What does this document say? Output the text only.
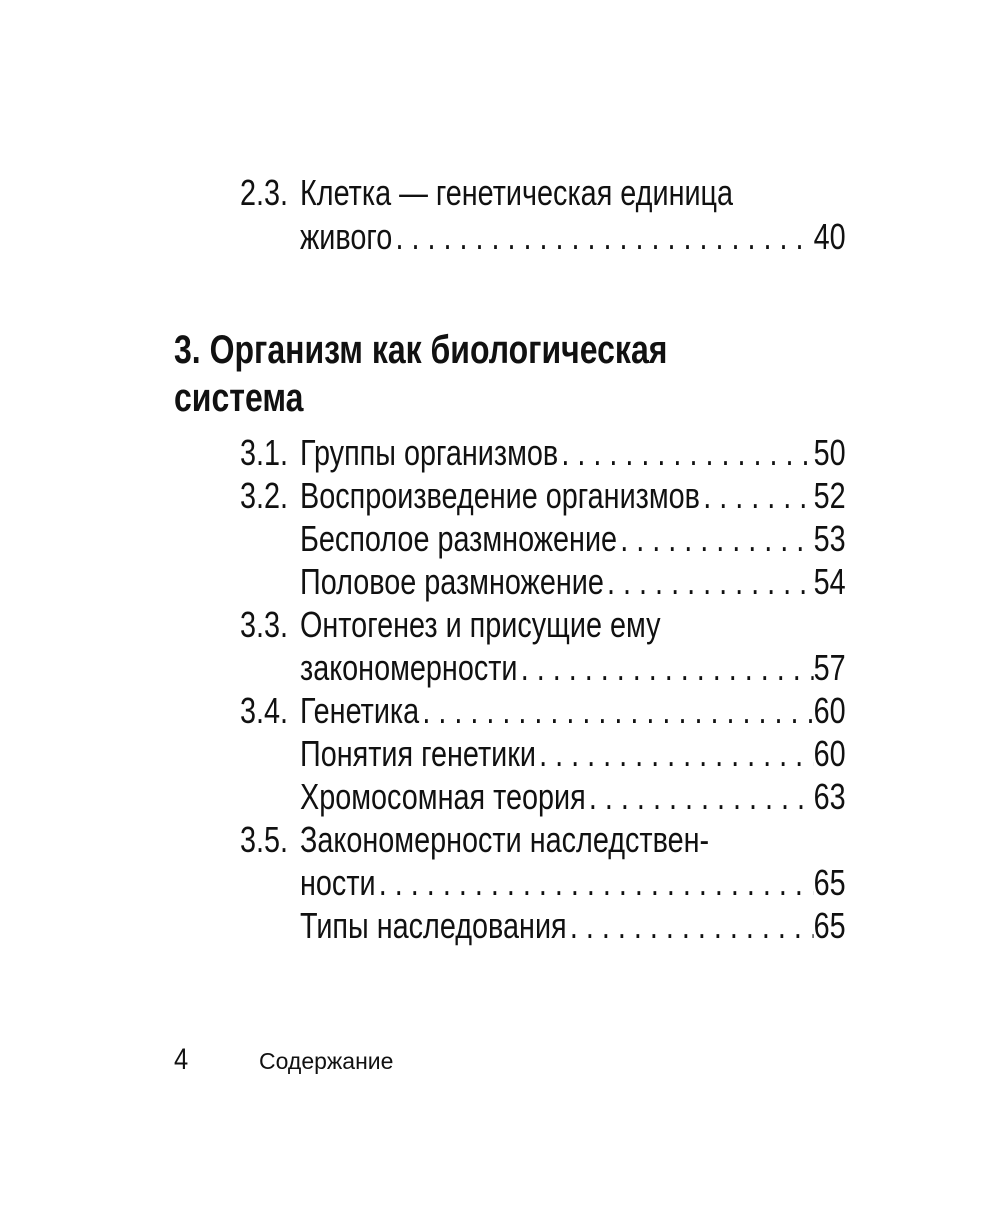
2.3. Клетка — генетическая единица
живого . . .	40
3. Организм как биологическая
система
3.1. Группы организмов . . .	50
3.2. Воспроизведение организмов . . .	52
Бесполое размножение . . .	53
Половое размножение . . .	54
3.3. Онтогенез и присущие ему
закономерности . . .	57
3.4. Генетика . . .	60
Понятия генетики . . .	60
Хромосомная теория . . .	63
3.5. Закономерности наследствен-
ности . . .	65
Типы наследования . . .	65
4	Содержание
